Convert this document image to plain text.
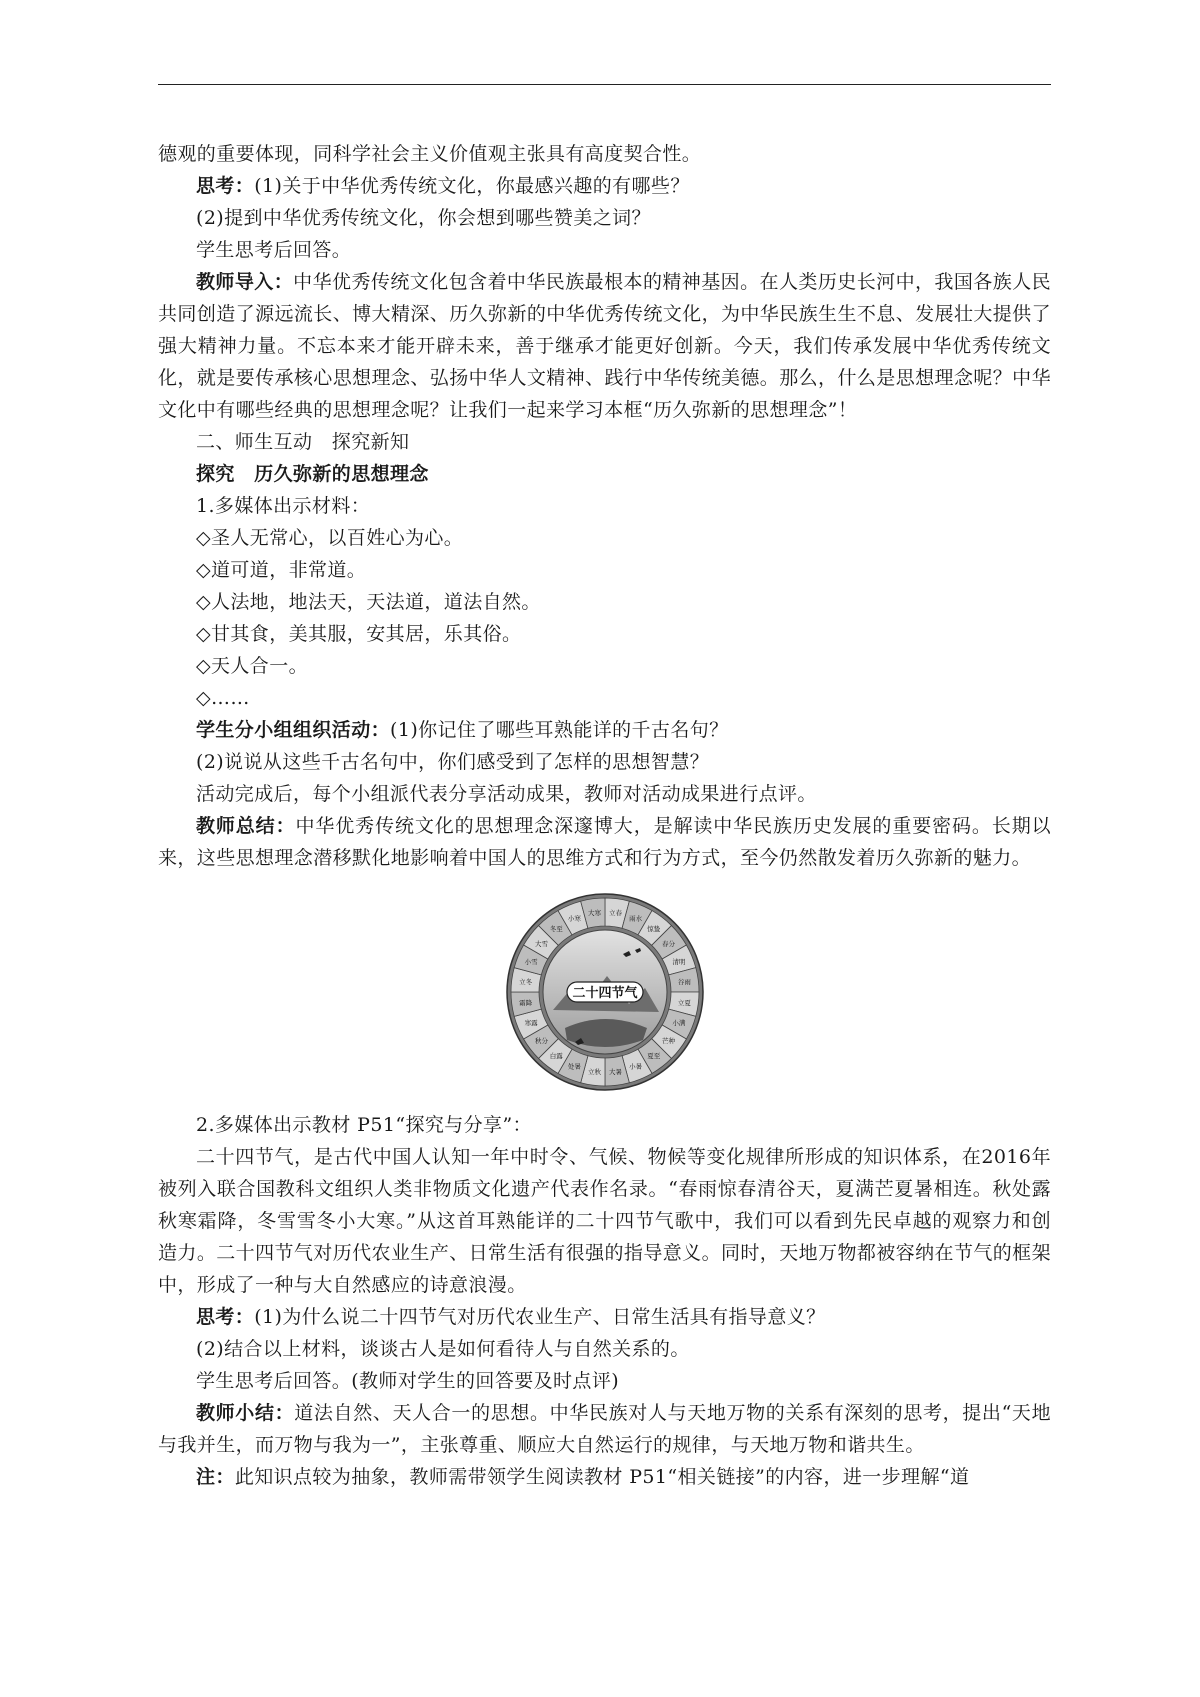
德观的重要体现，同科学社会主义价值观主张具有高度契合性。

思考：(1)关于中华优秀传统文化，你最感兴趣的有哪些？

(2)提到中华优秀传统文化，你会想到哪些赞美之词？

学生思考后回答。

教师导入：中华优秀传统文化包含着中华民族最根本的精神基因。在人类历史长河中，我国各族人民共同创造了源远流长、博大精深、历久弥新的中华优秀传统文化，为中华民族生生不息、发展壮大提供了强大精神力量。不忘本来才能开辟未来，善于继承才能更好创新。今天，我们传承发展中华优秀传统文化，就是要传承核心思想理念、弘扬中华人文精神、践行中华传统美德。那么，什么是思想理念呢？中华文化中有哪些经典的思想理念呢？让我们一起来学习本框“历久弥新的思想理念”！

二、师生互动　探究新知

探究　历久弥新的思想理念

1.多媒体出示材料：

◇圣人无常心，以百姓心为心。

◇道可道，非常道。

◇人法地，地法天，天法道，道法自然。

◇甘其食，美其服，安其居，乐其俗。

◇天人合一。

◇……

学生分小组组织活动：(1)你记住了哪些耳熟能详的千古名句？

(2)说说从这些千古名句中，你们感受到了怎样的思想智慧？

活动完成后，每个小组派代表分享活动成果，教师对活动成果进行点评。

教师总结：中华优秀传统文化的思想理念深邃博大，是解读中华民族历史发展的重要密码。长期以来，这些思想理念潜移默化地影响着中国人的思维方式和行为方式，至今仍然散发着历久弥新的魅力。

立春
雨水
惊蛰
春分
清明
谷雨
立夏
小满
芒种
夏至
小暑
大暑
立秋
处暑
白露
秋分
寒露
霜降
立冬
小雪
大雪
冬至
小寒
大寒
二十四节气

2.多媒体出示教材 P51“探究与分享”：

二十四节气，是古代中国人认知一年中时令、气候、物候等变化规律所形成的知识体系，在2016年被列入联合国教科文组织人类非物质文化遗产代表作名录。“春雨惊春清谷天，夏满芒夏暑相连。秋处露秋寒霜降，冬雪雪冬小大寒。”从这首耳熟能详的二十四节气歌中，我们可以看到先民卓越的观察力和创造力。二十四节气对历代农业生产、日常生活有很强的指导意义。同时，天地万物都被容纳在节气的框架中，形成了一种与大自然感应的诗意浪漫。

思考：(1)为什么说二十四节气对历代农业生产、日常生活具有指导意义？

(2)结合以上材料，谈谈古人是如何看待人与自然关系的。

学生思考后回答。(教师对学生的回答要及时点评)

教师小结：道法自然、天人合一的思想。中华民族对人与天地万物的关系有深刻的思考，提出“天地与我并生，而万物与我为一”，主张尊重、顺应大自然运行的规律，与天地万物和谐共生。

注：此知识点较为抽象，教师需带领学生阅读教材 P51“相关链接”的内容，进一步理解“道
